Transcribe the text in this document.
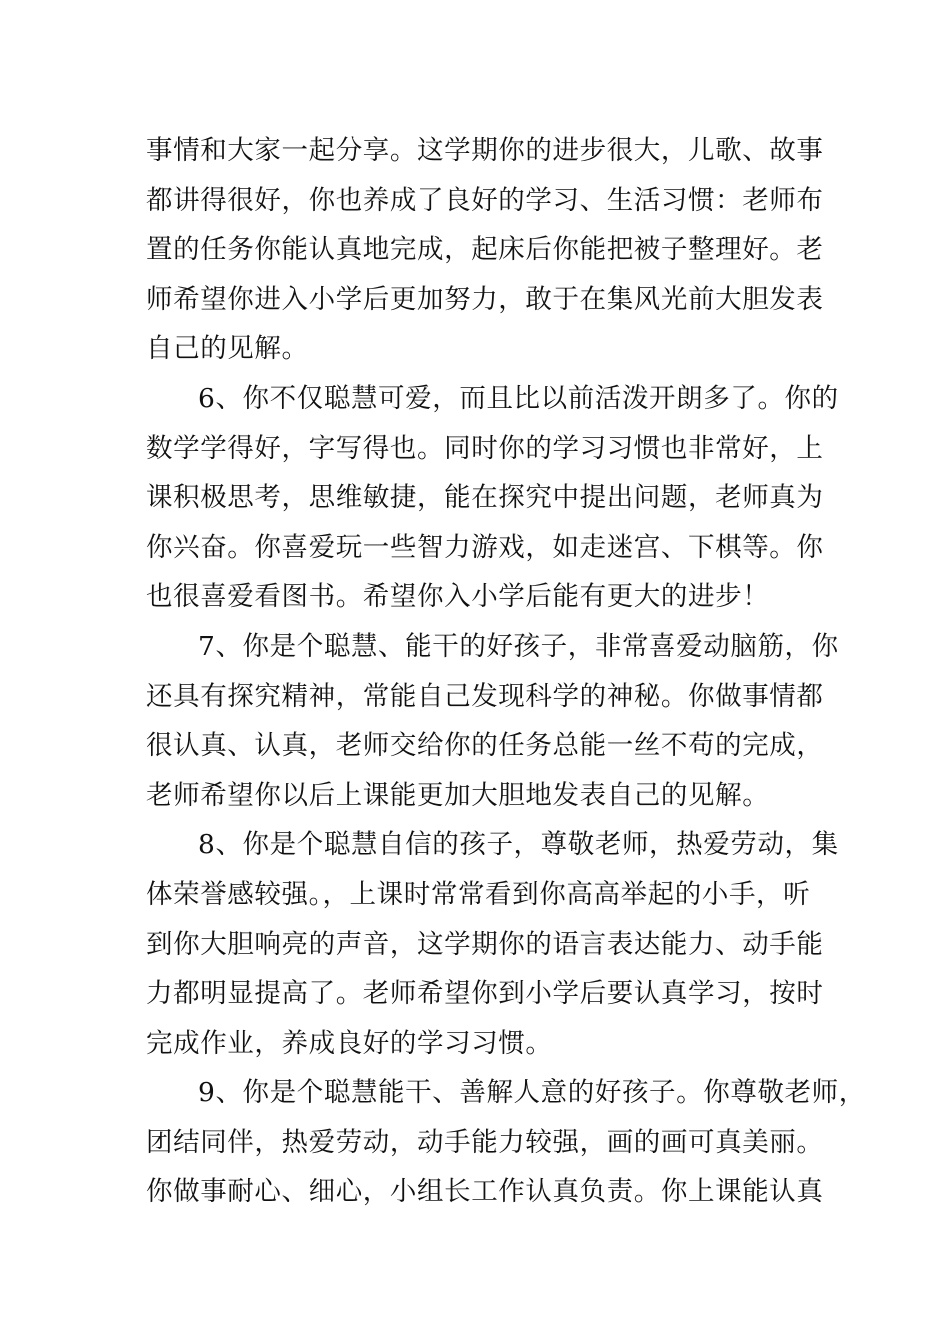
事情和大家一起分享。这学期你的进步很大，儿歌、故事
都讲得很好，你也养成了良好的学习、生活习惯：老师布
置的任务你能认真地完成，起床后你能把被子整理好。老
师希望你进入小学后更加努力，敢于在集风光前大胆发表
自己的见解。
6、你不仅聪慧可爱，而且比以前活泼开朗多了。你的
数学学得好，字写得也。同时你的学习习惯也非常好，上
课积极思考，思维敏捷，能在探究中提出问题，老师真为
你兴奋。你喜爱玩一些智力游戏，如走迷宫、下棋等。你
也很喜爱看图书。希望你入小学后能有更大的进步！
7、你是个聪慧、能干的好孩子，非常喜爱动脑筋，你
还具有探究精神，常能自己发现科学的神秘。你做事情都
很认真、认真，老师交给你的任务总能一丝不苟的完成，
老师希望你以后上课能更加大胆地发表自己的见解。
8、你是个聪慧自信的孩子，尊敬老师，热爱劳动，集
体荣誉感较强。，上课时常常看到你高高举起的小手，听
到你大胆响亮的声音，这学期你的语言表达能力、动手能
力都明显提高了。老师希望你到小学后要认真学习，按时
完成作业，养成良好的学习习惯。
9、你是个聪慧能干、善解人意的好孩子。你尊敬老师，
团结同伴，热爱劳动，动手能力较强，画的画可真美丽。
你做事耐心、细心，小组长工作认真负责。你上课能认真
